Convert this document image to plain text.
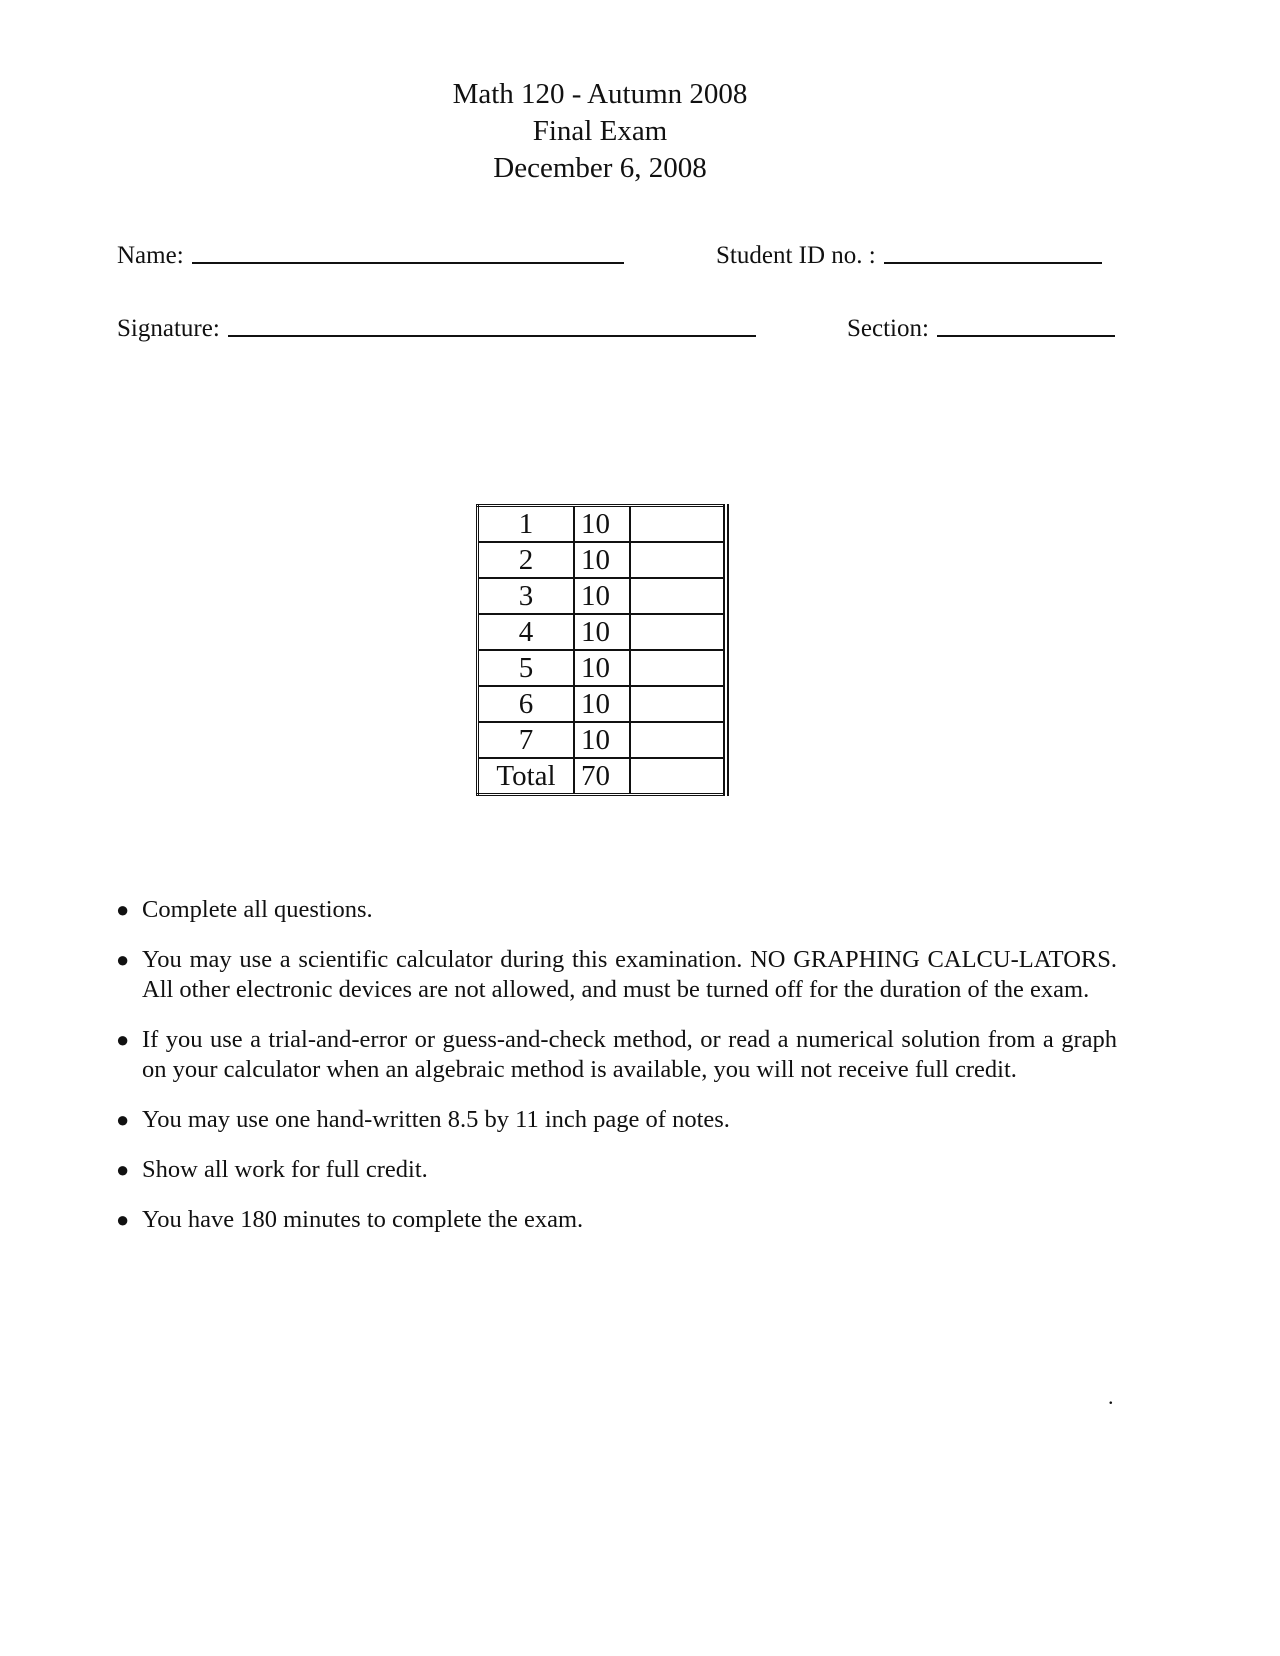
Math 120 - Autumn 2008
Final Exam
December 6, 2008
Name:	Student ID no. :
Signature:	Section:
1	10	
2	10	
3	10	
4	10	
5	10	
6	10	
7	10	
Total	70	
● Complete all questions.
● You may use a scientific calculator during this examination. NO GRAPHING CALCU-LATORS. All other electronic devices are not allowed, and must be turned off for the duration of the exam.
● If you use a trial-and-error or guess-and-check method, or read a numerical solution from a graph on your calculator when an algebraic method is available, you will not receive full credit.
● You may use one hand-written 8.5 by 11 inch page of notes.
● Show all work for full credit.
● You have 180 minutes to complete the exam.
.
